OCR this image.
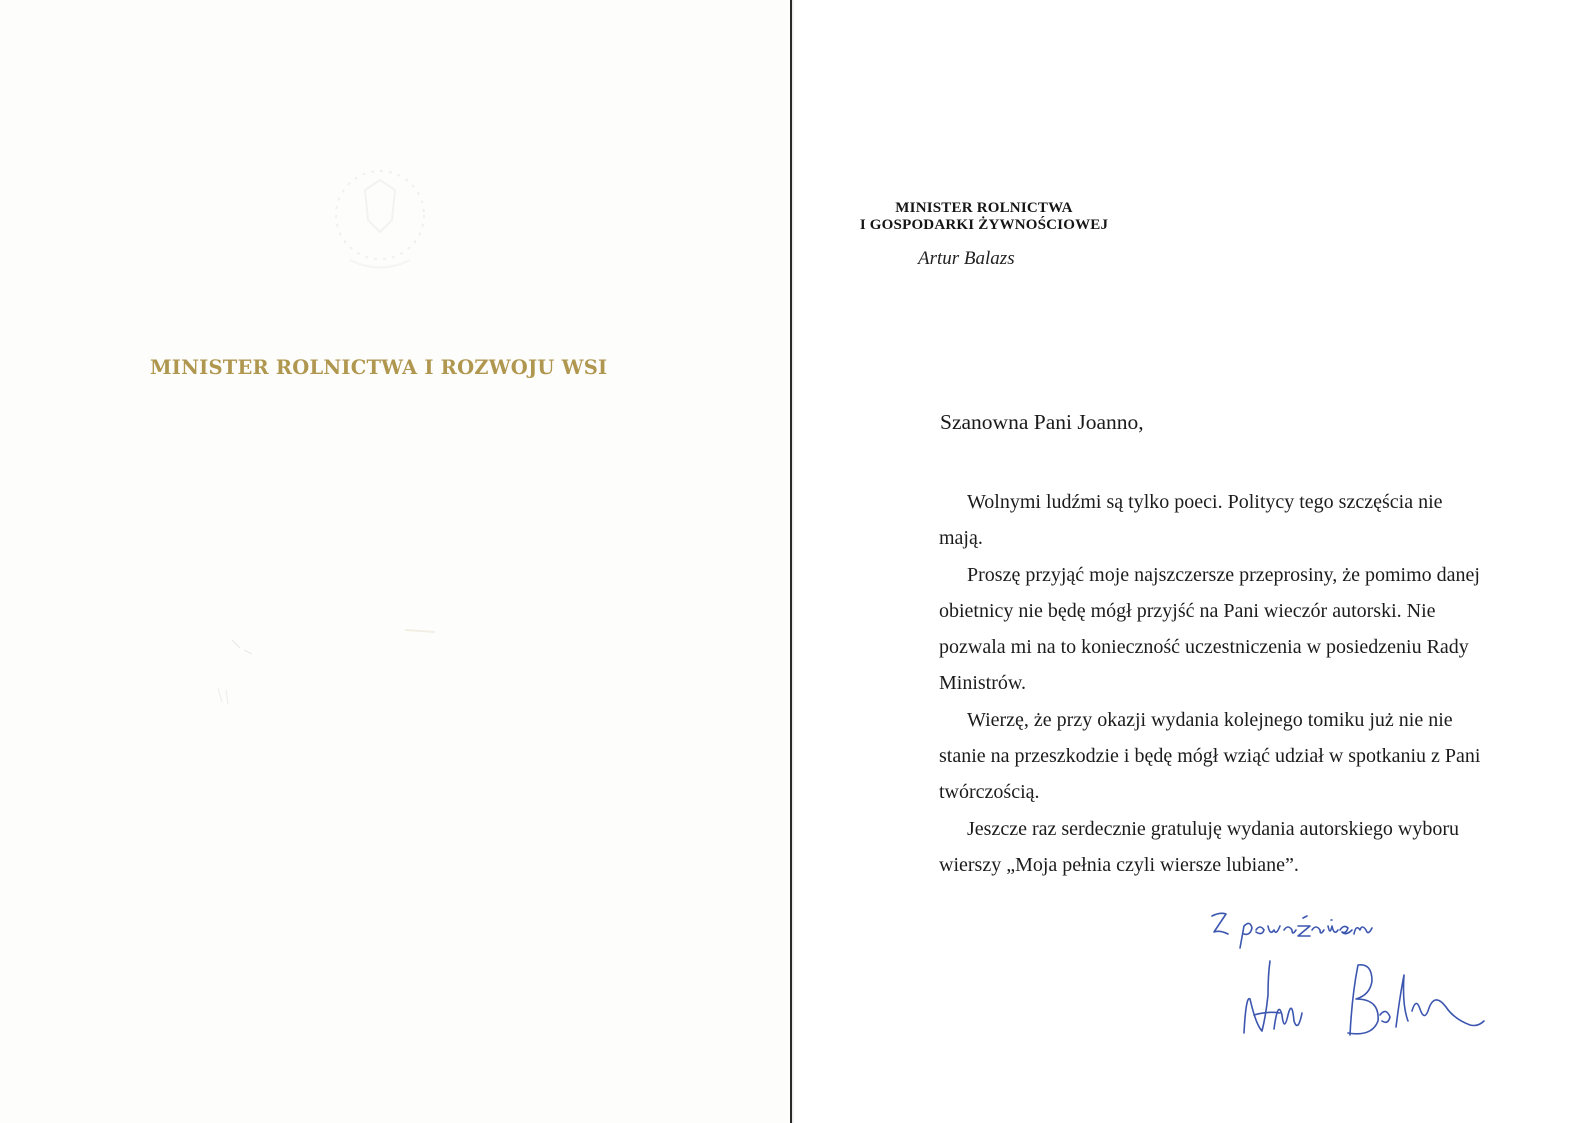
MINISTER ROLNICTWA I ROZWOJU WSI
MINISTER ROLNICTWA
I GOSPODARKI ŻYWNOŚCIOWEJ
Artur Balazs
Szanowna Pani Joanno,

Wolnymi ludźmi są tylko poeci. Politycy tego szczęścia nie mają.

Proszę przyjąć moje najszczersze przeprosiny, że pomimo danej obietnicy nie będę mógł przyjść na Pani wieczór autorski. Nie pozwala mi na to konieczność uczestniczenia w posiedzeniu Rady Ministrów.

Wierzę, że przy okazji wydania kolejnego tomiku już nie nie stanie na przeszkodzie i będę mógł wziąć udział w spotkaniu z Pani twórczością.

Jeszcze raz serdecznie gratuluję wydania autorskiego wyboru wierszy „Moja pełnia czyli wiersze lubiane”.
